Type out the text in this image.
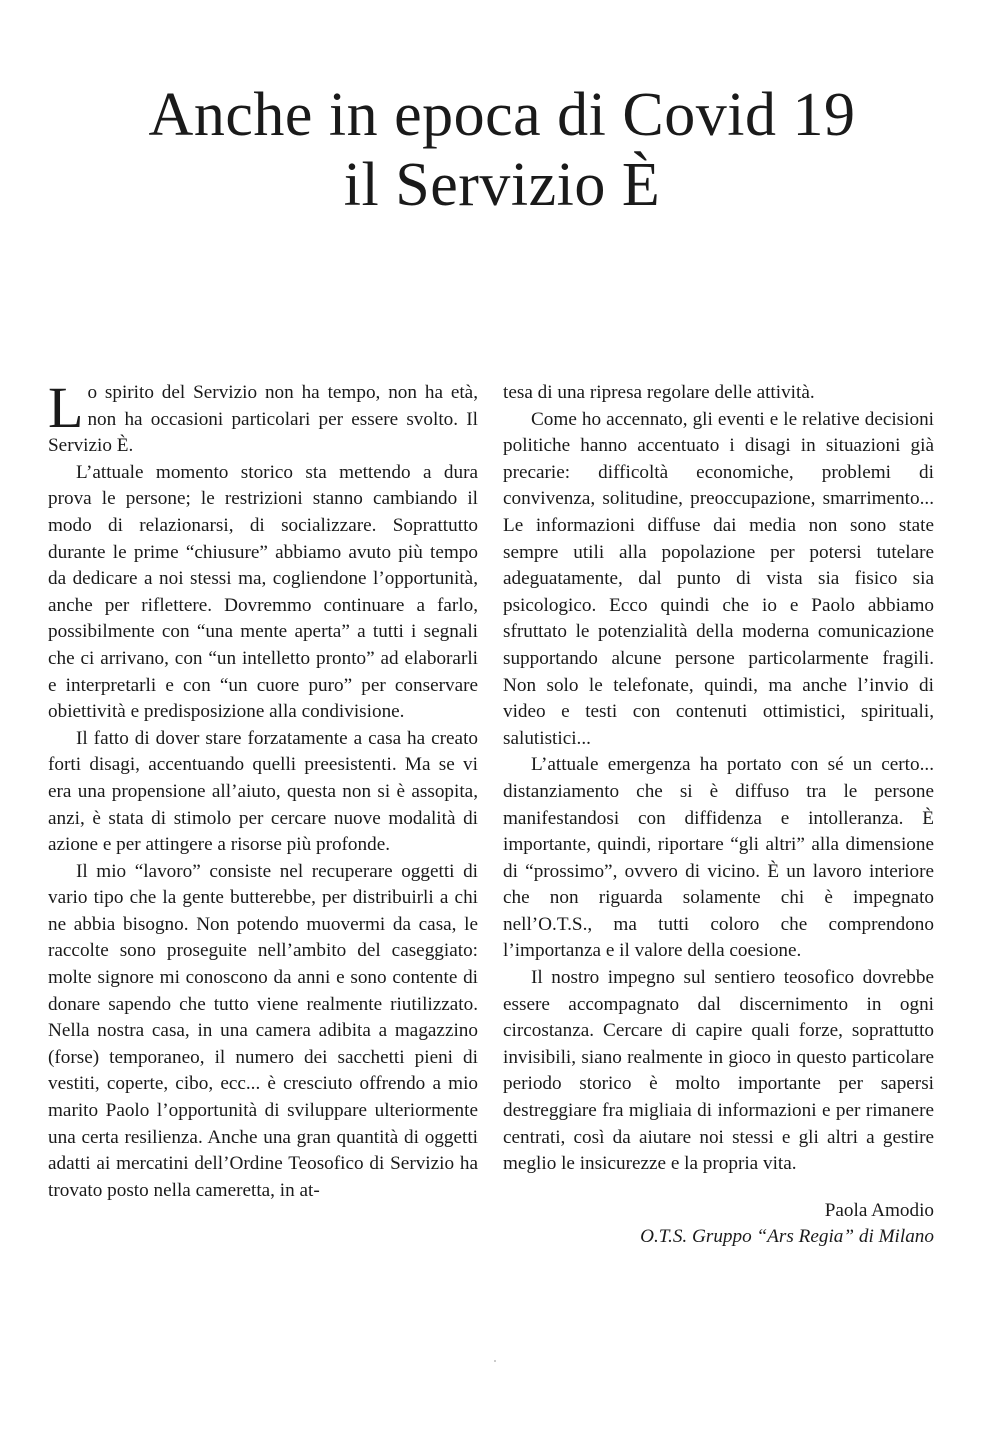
Anche in epoca di Covid 19
il Servizio È

Lo spirito del Servizio non ha tempo, non ha età, non ha occasioni particolari per essere svolto. Il Servizio È.

L’attuale momento storico sta mettendo a dura prova le persone; le restrizioni stanno cambiando il modo di relazionarsi, di socializzare. Soprattutto durante le prime “chiusure” abbiamo avuto più tempo da dedicare a noi stessi ma, cogliendone l’opportunità, anche per riflettere. Dovremmo continuare a farlo, possibilmente con “una mente aperta” a tutti i segnali che ci arrivano, con “un intelletto pronto” ad elaborarli e interpretarli e con “un cuore puro” per conservare obiettività e predisposizione alla condivisione.

Il fatto di dover stare forzatamente a casa ha creato forti disagi, accentuando quelli preesistenti. Ma se vi era una propensione all’aiuto, questa non si è assopita, anzi, è stata di stimolo per cercare nuove modalità di azione e per attingere a risorse più profonde.

Il mio “lavoro” consiste nel recuperare oggetti di vario tipo che la gente butterebbe, per distribuirli a chi ne abbia bisogno. Non potendo muovermi da casa, le raccolte sono proseguite nell’ambito del caseggiato: molte signore mi conoscono da anni e sono contente di donare sapendo che tutto viene realmente riutilizzato. Nella nostra casa, in una camera adibita a magazzino (forse) temporaneo, il numero dei sacchetti pieni di vestiti, coperte, cibo, ecc... è cresciuto offrendo a mio marito Paolo l’opportunità di sviluppare ulteriormente una certa resilienza. Anche una gran quantità di oggetti adatti ai mercatini dell’Ordine Teosofico di Servizio ha trovato posto nella cameretta, in at-

tesa di una ripresa regolare delle attività.

Come ho accennato, gli eventi e le relative decisioni politiche hanno accentuato i disagi in situazioni già precarie: difficoltà economiche, problemi di convivenza, solitudine, preoccupazione, smarrimento... Le informazioni diffuse dai media non sono state sempre utili alla popolazione per potersi tutelare adeguatamente, dal punto di vista sia fisico sia psicologico. Ecco quindi che io e Paolo abbiamo sfruttato le potenzialità della moderna comunicazione supportando alcune persone particolarmente fragili. Non solo le telefonate, quindi, ma anche l’invio di video e testi con contenuti ottimistici, spirituali, salutistici...

L’attuale emergenza ha portato con sé un certo... distanziamento che si è diffuso tra le persone manifestandosi con diffidenza e intolleranza. È importante, quindi, riportare “gli altri” alla dimensione di “prossimo”, ovvero di vicino. È un lavoro interiore che non riguarda solamente chi è impegnato nell’O.T.S., ma tutti coloro che comprendono l’importanza e il valore della coesione.

Il nostro impegno sul sentiero teosofico dovrebbe essere accompagnato dal discernimento in ogni circostanza. Cercare di capire quali forze, soprattutto invisibili, siano realmente in gioco in questo particolare periodo storico è molto importante per sapersi destreggiare fra migliaia di informazioni e per rimanere centrati, così da aiutare noi stessi e gli altri a gestire meglio le insicurezze e la propria vita.

Paola Amodio
O.T.S. Gruppo “Ars Regia” di Milano
